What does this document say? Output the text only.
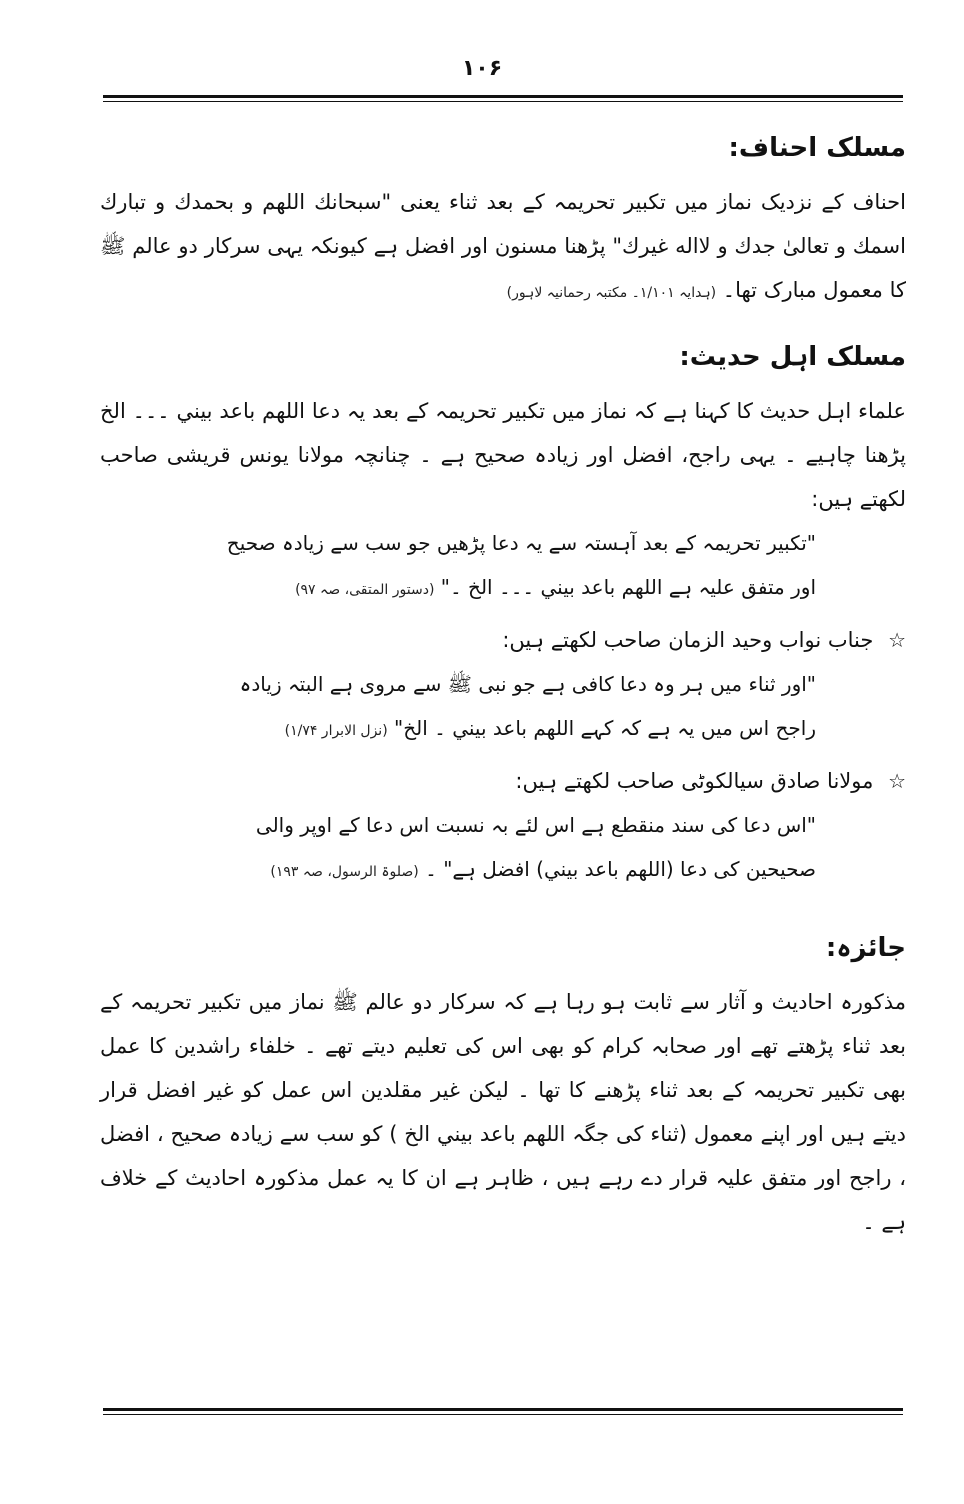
۱۰۶
مسلک احناف:

احناف کے نزدیک نماز میں تکبیر تحریمہ کے بعد ثناء یعنی "سبحانك اللهم و بحمدك و تبارك اسمك و تعالىٰ جدك و لااله غيرك" پڑھنا مسنون اور افضل ہے کیونکہ یہی سرکار دو عالم ﷺ کا معمول مبارک تھا۔ (ہدایہ ۱/۱۰۱۔ مکتبہ رحمانیہ لاہور)

مسلک اہل حدیث:

علماء اہل حدیث کا کہنا ہے کہ نماز میں تکبیر تحریمہ کے بعد یہ دعا اللهم باعد بيني ۔۔۔ الخ پڑھنا چاہیے ۔ یہی راجح، افضل اور زیادہ صحیح ہے ۔ چنانچہ مولانا یونس قریشی صاحب لکھتے ہیں:

"تکبیر تحریمہ کے بعد آہستہ سے یہ دعا پڑھیں جو سب سے زیادہ صحیح اور متفق علیہ ہے اللهم باعد بيني ۔۔۔ الخ ۔" (دستور المتقی، صہ ۹۷)

☆ جناب نواب وحید الزمان صاحب لکھتے ہیں:

"اور ثناء میں ہر وہ دعا کافی ہے جو نبی ﷺ سے مروی ہے البتہ زیادہ راجح اس میں یہ ہے کہ کہے اللهم باعد بيني ۔ الخ" (نزل الابرار ۱/۷۴)

☆ مولانا صادق سیالکوٹی صاحب لکھتے ہیں:

"اس دعا کی سند منقطع ہے اس لئے بہ نسبت اس دعا کے اوپر والی صحیحین کی دعا (اللهم باعد بيني) افضل ہے" ۔ (صلوۃ الرسول، صہ ۱۹۳)

جائزہ:

مذکورہ احادیث و آثار سے ثابت ہو رہا ہے کہ سرکار دو عالم ﷺ نماز میں تکبیر تحریمہ کے بعد ثناء پڑھتے تھے اور صحابہ کرام کو بھی اس کی تعلیم دیتے تھے ۔ خلفاء راشدین کا عمل بھی تکبیر تحریمہ کے بعد ثناء پڑھنے کا تھا ۔ لیکن غیر مقلدین اس عمل کو غیر افضل قرار دیتے ہیں اور اپنے معمول (ثناء کی جگہ اللهم باعد بيني الخ ) کو سب سے زیادہ صحیح ، افضل ، راجح اور متفق علیہ قرار دے رہے ہیں ، ظاہر ہے ان کا یہ عمل مذکورہ احادیث کے خلاف ہے ۔
